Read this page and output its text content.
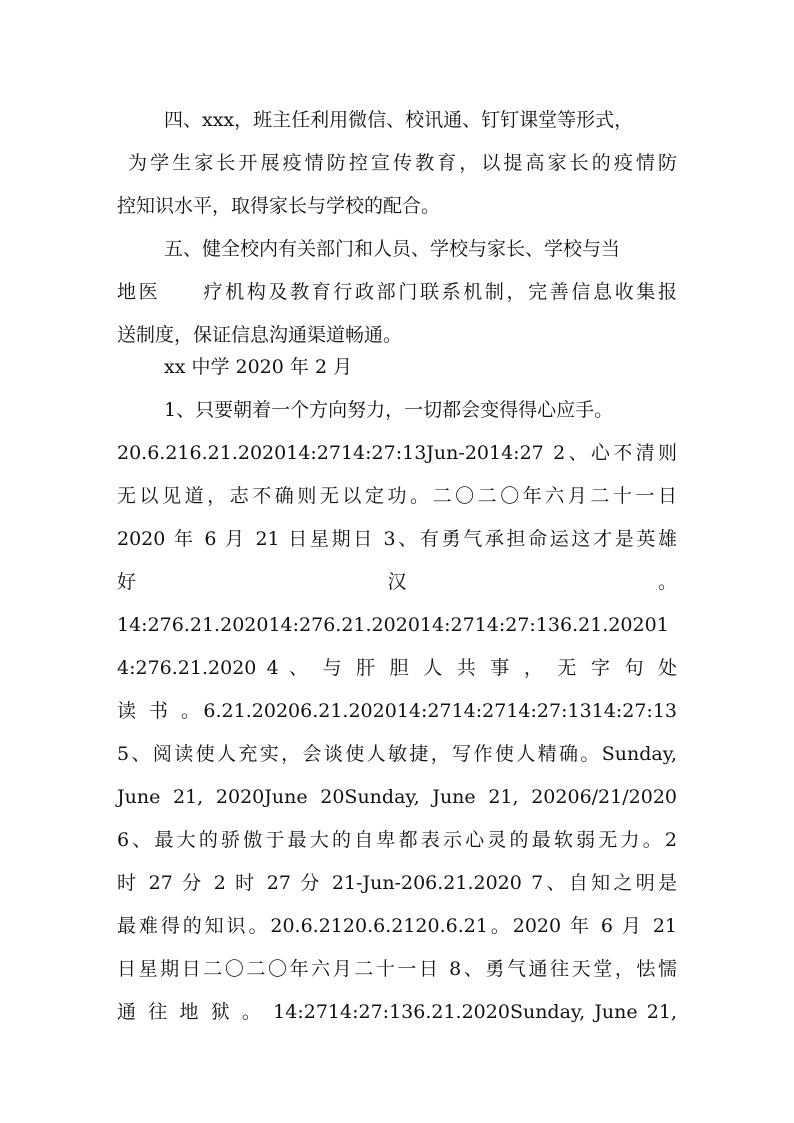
四、xxx，班主任利用微信、校讯通、钉钉课堂等形式，
为学生家长开展疫情防控宣传教育，以提高家长的疫情防
控知识水平，取得家长与学校的配合。
五、健全校内有关部门和人员、学校与家长、学校与当
地医　　疗机构及教育行政部门联系机制，完善信息收集报
送制度，保证信息沟通渠道畅通。
xx 中学 2020 年 2 月
1、只要朝着一个方向努力，一切都会变得得心应手。
20.6.216.21.202014:2714:27:13Jun-2014:27 2、心不清则
无以见道，志不确则无以定功。二〇二〇年六月二十一日
2020 年 6 月 21 日星期日 3、有勇气承担命运这才是英雄
好　　　　　　　　　汉　　　　　　　　　。
14:276.21.202014:276.21.202014:2714:27:136.21.20201
4:276.21.2020 4 、 与 肝 胆 人 共 事 ， 无 字 句 处
读 书 。6.21.20206.21.202014:2714:2714:27:1314:27:13
5、阅读使人充实，会谈使人敏捷，写作使人精确。Sunday,
June 21, 2020June 20Sunday, June 21, 20206/21/2020
6、最大的骄傲于最大的自卑都表示心灵的最软弱无力。2
时 27 分 2 时 27 分 21-Jun-206.21.2020 7、自知之明是
最难得的知识。20.6.2120.6.2120.6.21。2020 年 6 月 21
日星期日二〇二〇年六月二十一日 8、勇气通往天堂，怯懦
通 往 地 狱 。 14:2714:27:136.21.2020Sunday, June 21,
